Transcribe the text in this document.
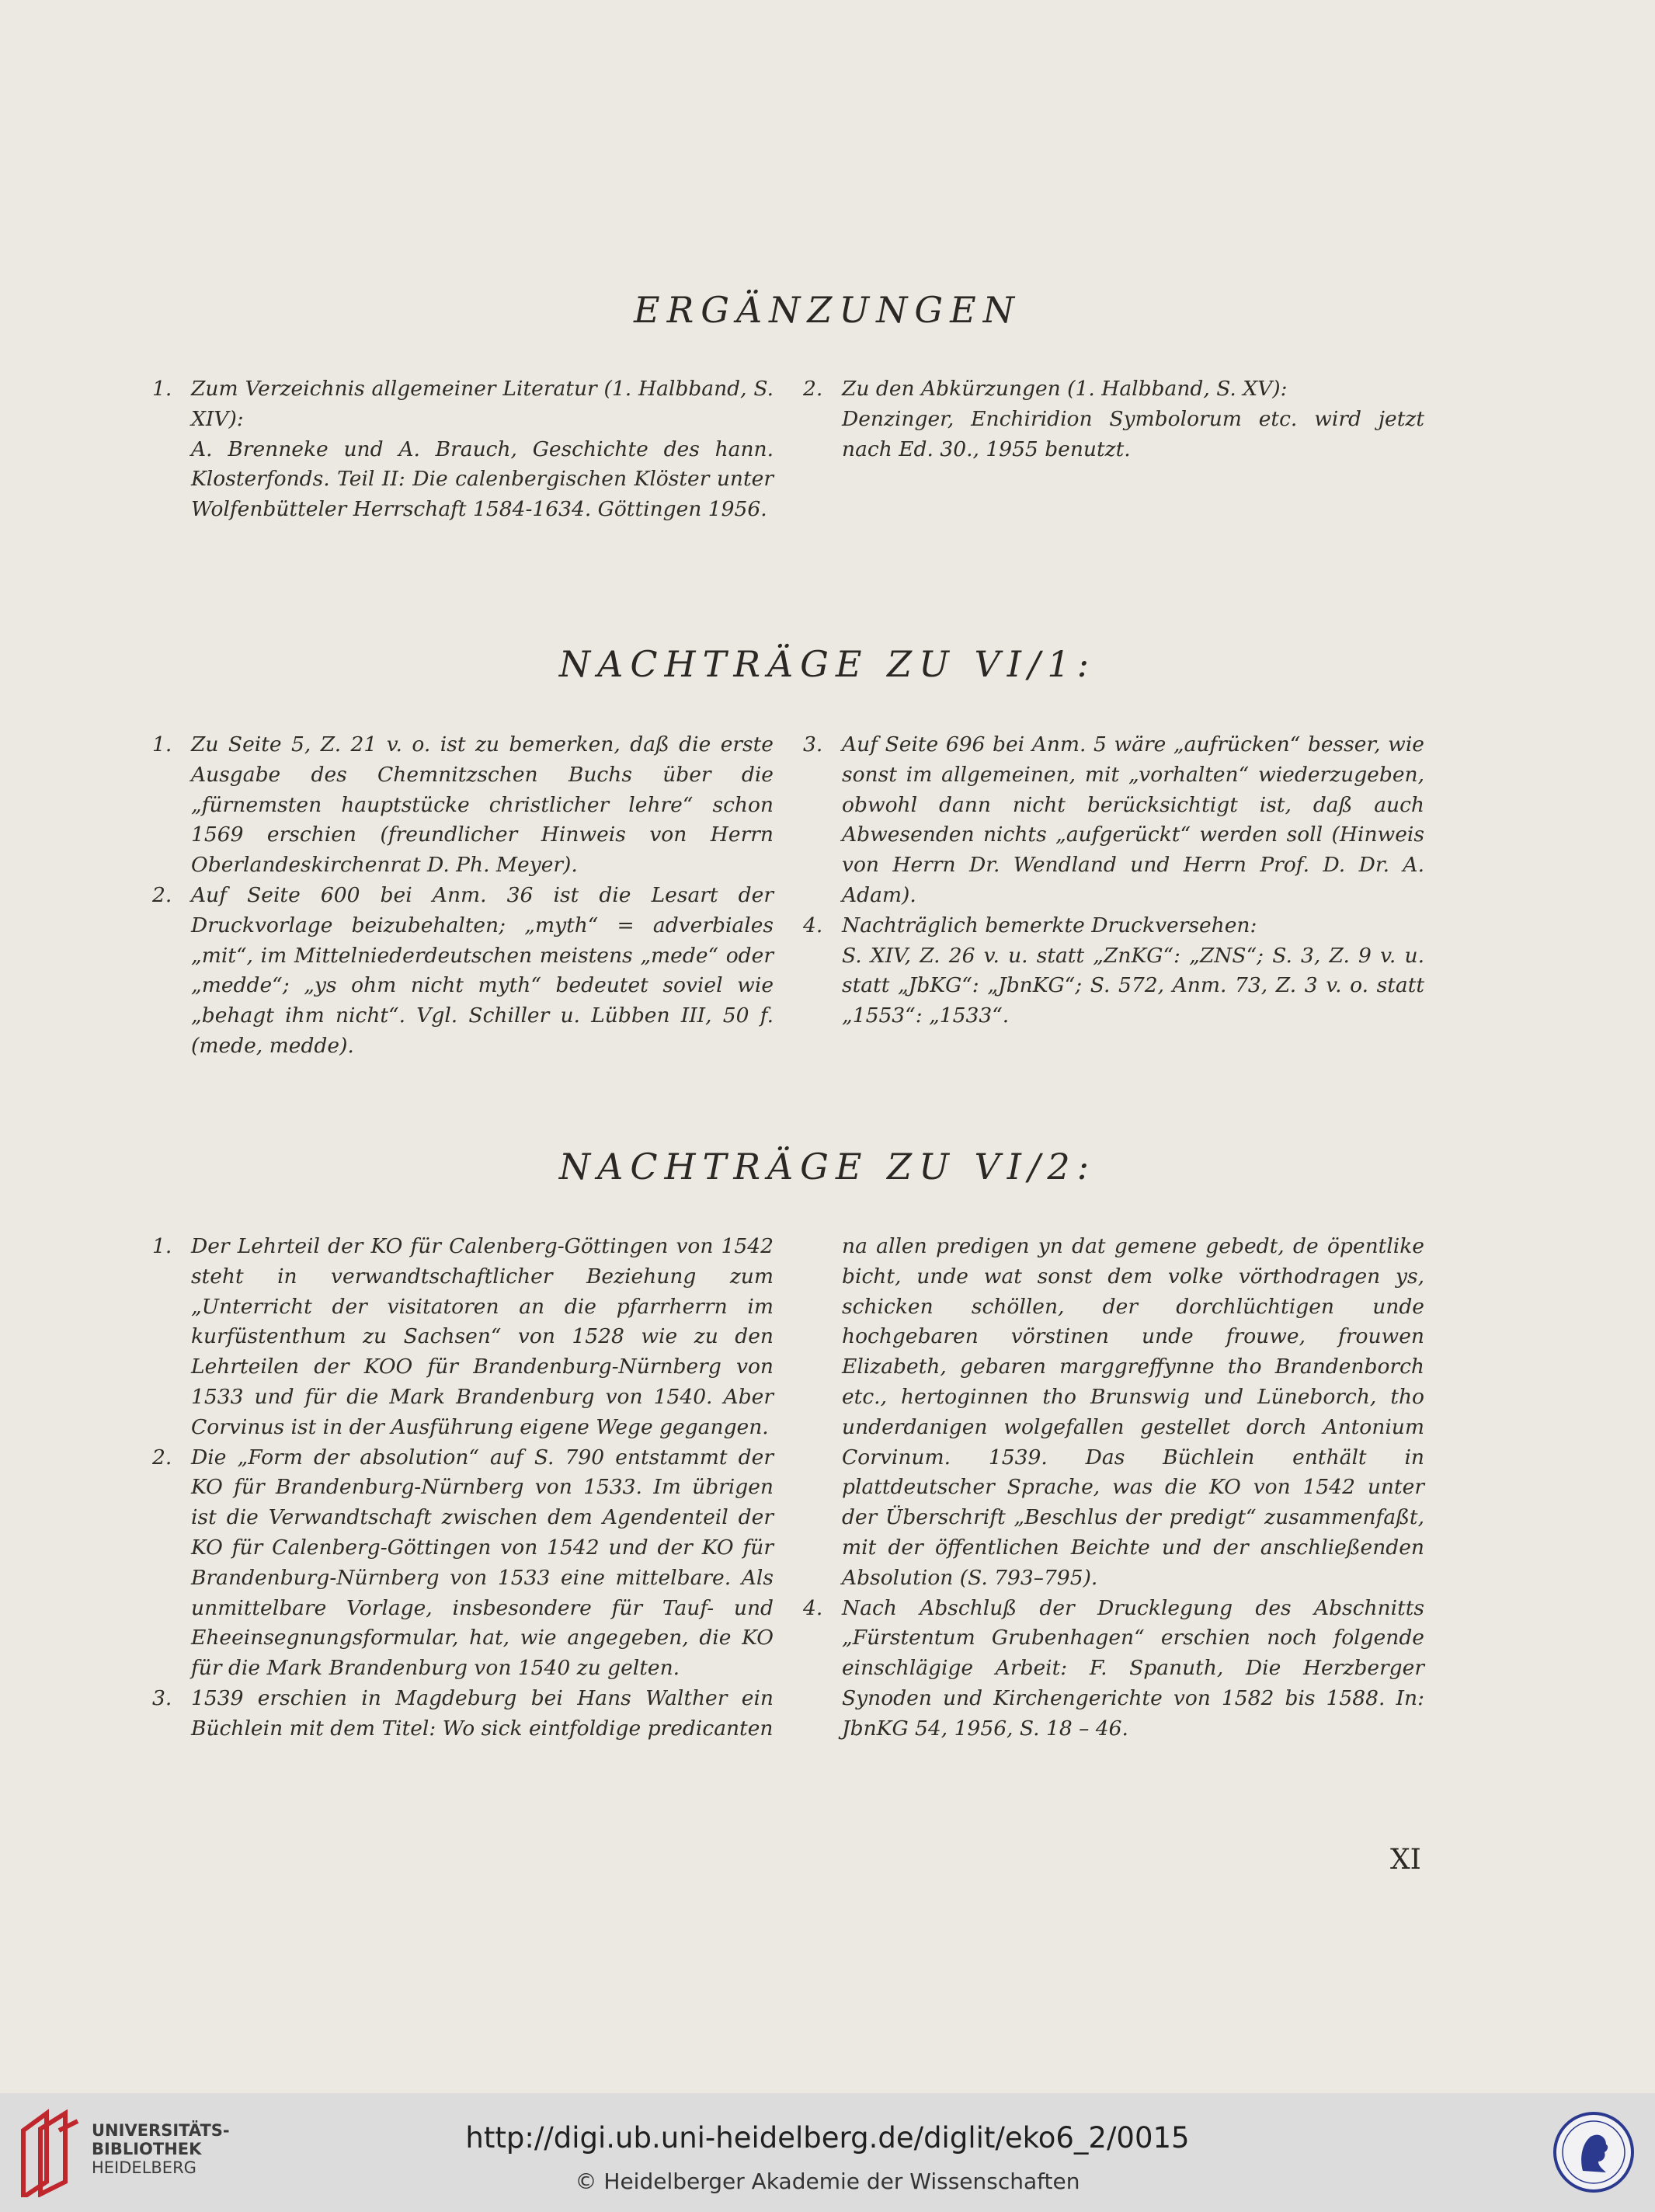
ERGÄNZUNGEN
1. Zum Verzeichnis allgemeiner Literatur (1. Halbband, S. XIV):

A. Brenneke und A. Brauch, Geschichte des hann. Klosterfonds. Teil II: Die calenbergischen Klöster unter Wolfenbütteler Herrschaft 1584-1634. Göttingen 1956.

2. Zu den Abkürzungen (1. Halbband, S. XV):

Denzinger, Enchiridion Symbolorum etc. wird jetzt nach Ed. 30., 1955 benutzt.

NACHTRÄGE ZU VI/1:
1. Zu Seite 5, Z. 21 v. o. ist zu bemerken, daß die erste Ausgabe des Chemnitzschen Buchs über die „fürnemsten hauptstücke christlicher lehre“ schon 1569 erschien (freundlicher Hinweis von Herrn Oberlandeskirchenrat D. Ph. Meyer).

2. Auf Seite 600 bei Anm. 36 ist die Lesart der Druckvorlage beizubehalten; „myth“ = adverbiales „mit“, im Mittelniederdeutschen meistens „mede“ oder „medde“; „ys ohm nicht myth“ bedeutet soviel wie „behagt ihm nicht“. Vgl. Schiller u. Lübben III, 50 f. (mede, medde).

3. Auf Seite 696 bei Anm. 5 wäre „aufrücken“ besser, wie sonst im allgemeinen, mit „vorhalten“ wiederzugeben, obwohl dann nicht berücksichtigt ist, daß auch Abwesenden nichts „aufgerückt“ werden soll (Hinweis von Herrn Dr. Wendland und Herrn Prof. D. Dr. A. Adam).

4. Nachträglich bemerkte Druckversehen:

S. XIV, Z. 26 v. u. statt „ZnKG“: „ZNS“; S. 3, Z. 9 v. u. statt „JbKG“: „JbnKG“; S. 572, Anm. 73, Z. 3 v. o. statt „1553“: „1533“.

NACHTRÄGE ZU VI/2:
1. Der Lehrteil der KO für Calenberg-Göttingen von 1542 steht in verwandtschaftlicher Beziehung zum „Unterricht der visitatoren an die pfarrherrn im kurfüstenthum zu Sachsen“ von 1528 wie zu den Lehrteilen der KOO für Brandenburg-Nürnberg von 1533 und für die Mark Brandenburg von 1540. Aber Corvinus ist in der Ausführung eigene Wege gegangen.

2. Die „Form der absolution“ auf S. 790 entstammt der KO für Brandenburg-Nürnberg von 1533. Im übrigen ist die Verwandtschaft zwischen dem Agendenteil der KO für Calenberg-Göttingen von 1542 und der KO für Brandenburg-Nürnberg von 1533 eine mittelbare. Als unmittelbare Vorlage, insbesondere für Tauf- und Eheeinsegnungsformular, hat, wie angegeben, die KO für die Mark Brandenburg von 1540 zu gelten.

3. 1539 erschien in Magdeburg bei Hans Walther ein Büchlein mit dem Titel: Wo sick eintfoldige predicanten

na allen predigen yn dat gemene gebedt, de öpentlike bicht, unde wat sonst dem volke vörthodragen ys, schicken schöllen, der dorchlüchtigen unde hochgebaren vörstinen unde frouwe, frouwen Elizabeth, gebaren marggreffynne tho Brandenborch etc., hertoginnen tho Brunswig und Lüneborch, tho underdanigen wolgefallen gestellet dorch Antonium Corvinum. 1539. Das Büchlein enthält in plattdeutscher Sprache, was die KO von 1542 unter der Überschrift „Beschlus der predigt“ zusammenfaßt, mit der öffentlichen Beichte und der anschließenden Absolution (S. 793–795).

4. Nach Abschluß der Drucklegung des Abschnitts „Fürstentum Grubenhagen“ erschien noch folgende einschlägige Arbeit: F. Spanuth, Die Herzberger Synoden und Kirchengerichte von 1582 bis 1588. In: JbnKG 54, 1956, S. 18 – 46.

XI
UNIVERSITÄTS-
BIBLIOTHEK
HEIDELBERG
http://digi.ub.uni-heidelberg.de/diglit/eko6_2/0015
© Heidelberger Akademie der Wissenschaften
